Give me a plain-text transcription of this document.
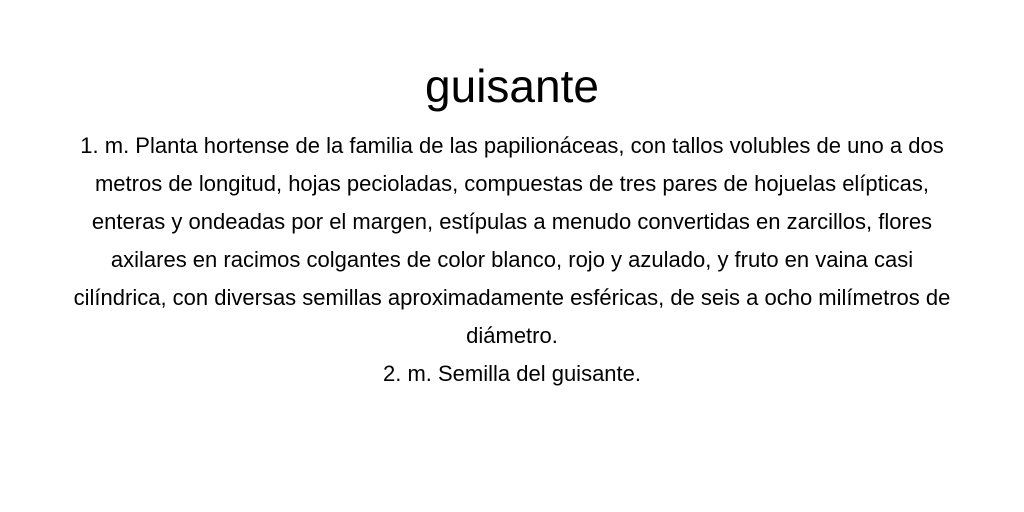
guisante

1. m. Planta hortense de la familia de las papilionáceas, con tallos volubles de uno a dos metros de longitud, hojas pecioladas, compuestas de tres pares de hojuelas elípticas, enteras y ondeadas por el margen, estípulas a menudo convertidas en zarcillos, flores axilares en racimos colgantes de color blanco, rojo y azulado, y fruto en vaina casi cilíndrica, con diversas semillas aproximadamente esféricas, de seis a ocho milímetros de diámetro.

2. m. Semilla del guisante.
